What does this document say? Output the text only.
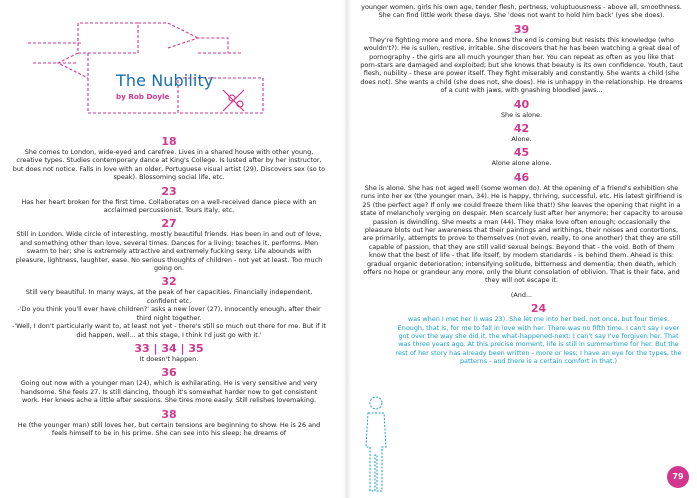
The Nubility
by Rob Doyle
18

She comes to London, wide-eyed and carefree. Lives in a shared house with other young, creative types. Studies contemporary dance at King's College. Is lusted after by her instructor, but does not notice. Falls in love with an older, Portuguese visual artist (29). Discovers sex (so to speak). Blossoming social life, etc.

23

Has her heart broken for the first time. Collaborates on a well-received dance piece with an acclaimed percussionist. Tours Italy, etc.

27

Still in London. Wide circle of interesting, mostly beautiful friends. Has been in and out of love, and something other than love, several times. Dances for a living: teaches it, performs. Men swarm to her; she is extremely attractive and extremely fucking sexy. Life abounds with pleasure, lightness, laughter, ease. No serious thoughts of children - not yet at least. Too much going on.

32

Still very beautiful. In many ways, at the peak of her capacities. Financially independent, confident etc.
-'Do you think you'll ever have children?' asks a new lover (27), innocently enough, after their third night together.
-'Well, I don't particularly want to, at least not yet - there's still so much out there for me. But if it did happen, well... at this stage, I think I'd just go with it.'

33 | 34 | 35

It doesn't happen.

36

Going out now with a younger man (24), which is exhilarating. He is very sensitive and very handsome. She feels 27. Is still dancing, though it's somewhat harder now to get consistent work. Her knees ache a little after sessions. She tires more easily. Still relishes lovemaking.

38

He (the younger man) still loves her, but certain tensions are beginning to show. He is 26 and feels himself to be in his prime. She can see into his sleep: he dreams of

younger women, girls his own age, tender flesh, pertness, voluptuousness - above all, smoothness. She can find little work these days. She 'does not want to hold him back' (yes she does).

39

They're fighting more and more. She knows the end is coming but resists this knowledge (who wouldn't?). He is sullen, restive, irritable. She discovers that he has been watching a great deal of pornography - the girls are all much younger than her. You can repeat as often as you like that porn-stars are damaged and exploited; but she knows that beauty is its own confidence. Youth, taut flesh, nubility - these are power itself. They fight miserably and constantly. She wants a child (she does not). She wants a child (she does not, she does). He is unhappy in the relationship. He dreams of a cunt with jaws, with gnashing bloodied jaws...

40

She is alone.

42

Alone.

45

Alone alone alone.

46

She is alone. She has not aged well (some women do). At the opening of a friend's exhibition she runs into her ex (the younger man, 34). He is happy, thriving, successful, etc. His latest girlfriend is 25 (the perfect age? If only we could freeze them like that!) She leaves the opening that night in a state of melancholy verging on despair. Men scarcely lust after her anymore; her capacity to arouse passion is dwindling. She meets a man (44). They make love often enough; occasionally the pleasure blots out her awareness that their paintings and writhings, their noises and contortions, are primarily, attempts to prove to themselves (not even, really, to one another) that they are still capable of passion, that they are still valid sexual beings. Beyond that - the void. Both of them know that the best of life - that life itself, by modern standards - is behind them. Ahead is this: gradual organic deterioration; intensifying solitude, bitterness and dementia; then death, which offers no hope or grandeur any more, only the blunt consolation of oblivion. That is their fate, and they will not escape it.

(And...

24

was when I met her (I was 23). She let me into her bed, not once, but four times. Enough, that is, for me to fall in love with her. There was no fifth time. I can't say I ever got over the way she did it, the what-happened-next: I can't say I've forgiven her. That was three years ago. At this precise moment, life is still in summertime for her. But the rest of her story has already been written - more or less; I have an eye for the types, the patterns - and there is a certain comfort in that.)

79
